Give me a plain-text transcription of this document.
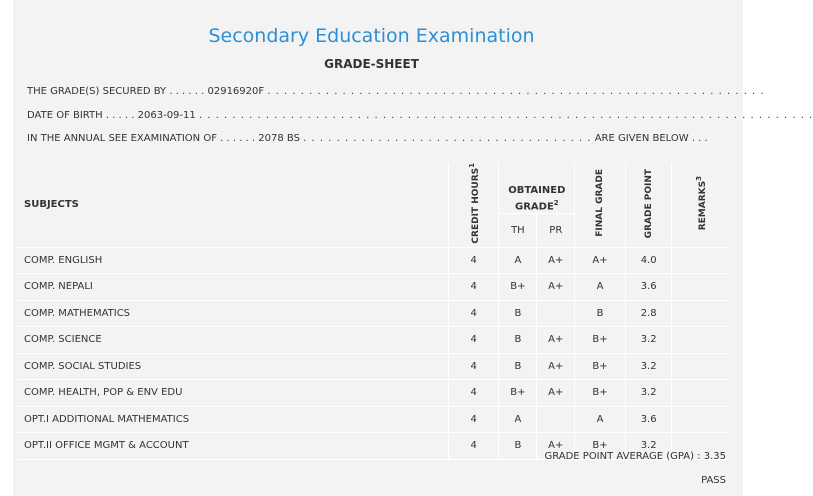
Secondary Education Examination
GRADE-SHEET
THE GRADE(S) SECURED BY . . . . . . 02916920F . . . . . . . . . . . . . . . . . . . . . . . . . . . . . . . . . . . . . . . . . . . . . . . . . . . . . . . . . . . .
DATE OF BIRTH . . . . . 2063-09-11 . . . . . . . . . . . . . . . . . . . . . . . . . . . . . . . . . . . . . . . . . . . . . . . . . . . . . . . . . . . . . . . . . . . . . . . . . .
IN THE ANNUAL SEE EXAMINATION OF . . . . . . 2078 BS . . . . . . . . . . . . . . . . . . . . . . . . . . . . . . . . . . . ARE GIVEN BELOW . . .
SUBJECTS	CREDIT HOURS$^1$	OBTAINED GRADE$^2$		FINAL GRADE	GRADE POINT	REMARKS$^3$
		TH	PR			
COMP. ENGLISH	4	A	A+	A+	4.0	
COMP. NEPALI	4	B+	A+	A	3.6	
COMP. MATHEMATICS	4	B		B	2.8	
COMP. SCIENCE	4	B	A+	B+	3.2	
COMP. SOCIAL STUDIES	4	B	A+	B+	3.2	
COMP. HEALTH, POP & ENV EDU	4	B+	A+	B+	3.2	
OPT.I ADDITIONAL MATHEMATICS	4	A		A	3.6	
OPT.II OFFICE MGMT & ACCOUNT	4	B	A+	B+	3.2	
GRADE POINT AVERAGE (GPA) : 3.35
PASS
